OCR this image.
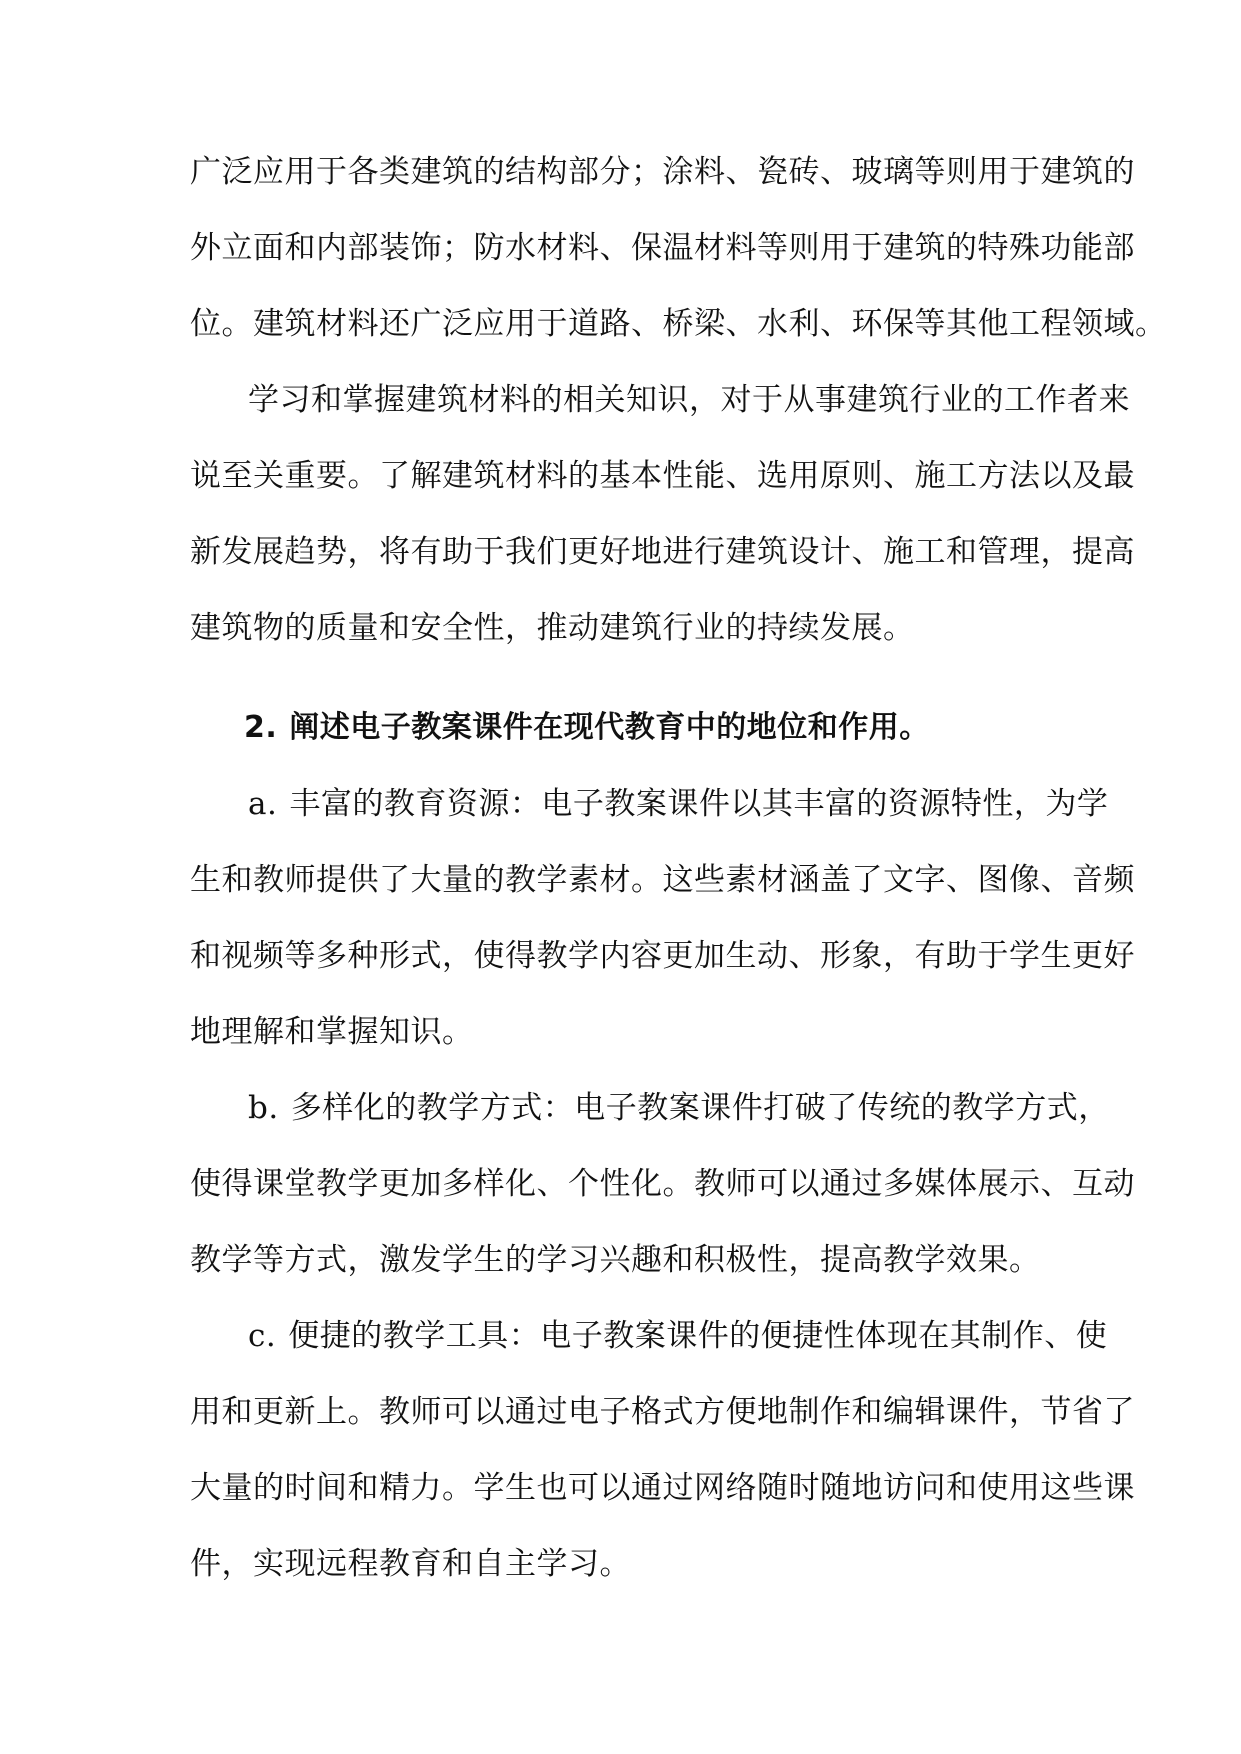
广泛应用于各类建筑的结构部分；涂料、瓷砖、玻璃等则用于建筑的
外立面和内部装饰；防水材料、保温材料等则用于建筑的特殊功能部
位。建筑材料还广泛应用于道路、桥梁、水利、环保等其他工程领域。
学习和掌握建筑材料的相关知识，对于从事建筑行业的工作者来
说至关重要。了解建筑材料的基本性能、选用原则、施工方法以及最
新发展趋势，将有助于我们更好地进行建筑设计、施工和管理，提高
建筑物的质量和安全性，推动建筑行业的持续发展。
2. 阐述电子教案课件在现代教育中的地位和作用。
a. 丰富的教育资源：电子教案课件以其丰富的资源特性，为学
生和教师提供了大量的教学素材。这些素材涵盖了文字、图像、音频
和视频等多种形式，使得教学内容更加生动、形象，有助于学生更好
地理解和掌握知识。
b. 多样化的教学方式：电子教案课件打破了传统的教学方式，
使得课堂教学更加多样化、个性化。教师可以通过多媒体展示、互动
教学等方式，激发学生的学习兴趣和积极性，提高教学效果。
c. 便捷的教学工具：电子教案课件的便捷性体现在其制作、使
用和更新上。教师可以通过电子格式方便地制作和编辑课件，节省了
大量的时间和精力。学生也可以通过网络随时随地访问和使用这些课
件，实现远程教育和自主学习。
